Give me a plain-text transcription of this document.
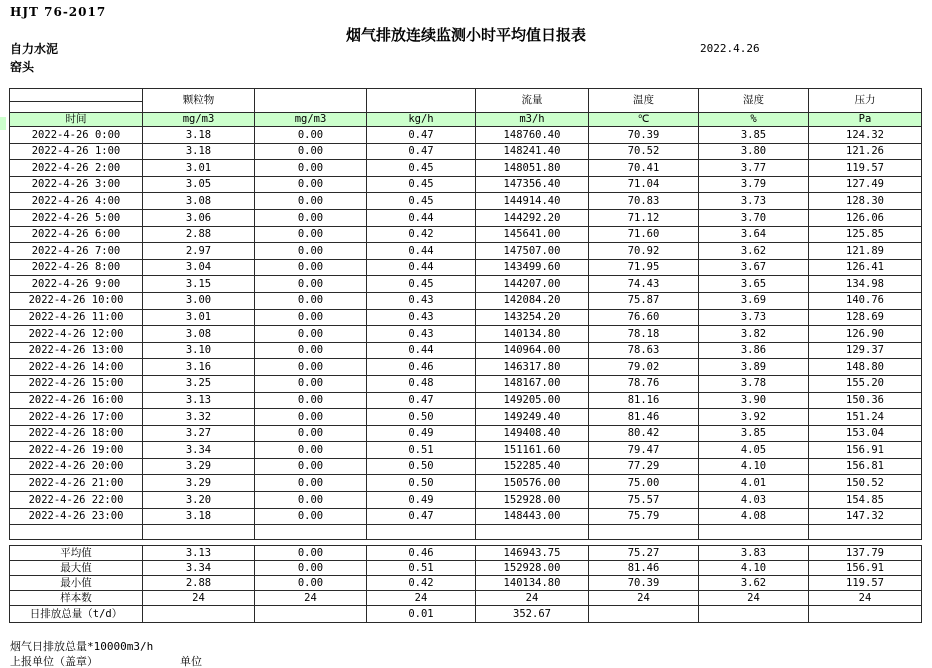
HJT 76-2017
烟气排放连续监测小时平均值日报表
2022.4.26
自力水泥
窑头
	颗粒物			流量	温度	湿度	压力

时间	mg/m3	mg/m3	kg/h	m3/h	℃	%	Pa
2022-4-26 0:00	3.18	0.00	0.47	148760.40	70.39	3.85	124.32
2022-4-26 1:00	3.18	0.00	0.47	148241.40	70.52	3.80	121.26
2022-4-26 2:00	3.01	0.00	0.45	148051.80	70.41	3.77	119.57
2022-4-26 3:00	3.05	0.00	0.45	147356.40	71.04	3.79	127.49
2022-4-26 4:00	3.08	0.00	0.45	144914.40	70.83	3.73	128.30
2022-4-26 5:00	3.06	0.00	0.44	144292.20	71.12	3.70	126.06
2022-4-26 6:00	2.88	0.00	0.42	145641.00	71.60	3.64	125.85
2022-4-26 7:00	2.97	0.00	0.44	147507.00	70.92	3.62	121.89
2022-4-26 8:00	3.04	0.00	0.44	143499.60	71.95	3.67	126.41
2022-4-26 9:00	3.15	0.00	0.45	144207.00	74.43	3.65	134.98
2022-4-26 10:00	3.00	0.00	0.43	142084.20	75.87	3.69	140.76
2022-4-26 11:00	3.01	0.00	0.43	143254.20	76.60	3.73	128.69
2022-4-26 12:00	3.08	0.00	0.43	140134.80	78.18	3.82	126.90
2022-4-26 13:00	3.10	0.00	0.44	140964.00	78.63	3.86	129.37
2022-4-26 14:00	3.16	0.00	0.46	146317.80	79.02	3.89	148.80
2022-4-26 15:00	3.25	0.00	0.48	148167.00	78.76	3.78	155.20
2022-4-26 16:00	3.13	0.00	0.47	149205.00	81.16	3.90	150.36
2022-4-26 17:00	3.32	0.00	0.50	149249.40	81.46	3.92	151.24
2022-4-26 18:00	3.27	0.00	0.49	149408.40	80.42	3.85	153.04
2022-4-26 19:00	3.34	0.00	0.51	151161.60	79.47	4.05	156.91
2022-4-26 20:00	3.29	0.00	0.50	152285.40	77.29	4.10	156.81
2022-4-26 21:00	3.29	0.00	0.50	150576.00	75.00	4.01	150.52
2022-4-26 22:00	3.20	0.00	0.49	152928.00	75.57	4.03	154.85
2022-4-26 23:00	3.18	0.00	0.47	148443.00	75.79	4.08	147.32

平均值	3.13	0.00	0.46	146943.75	75.27	3.83	137.79
最大值	3.34	0.00	0.51	152928.00	81.46	4.10	156.91
最小值	2.88	0.00	0.42	140134.80	70.39	3.62	119.57
样本数	24	24	24	24	24	24	24
日排放总量（t/d）			0.01	352.67			
烟气日排放总量*10000m3/h
上报单位（盖章）	单位
